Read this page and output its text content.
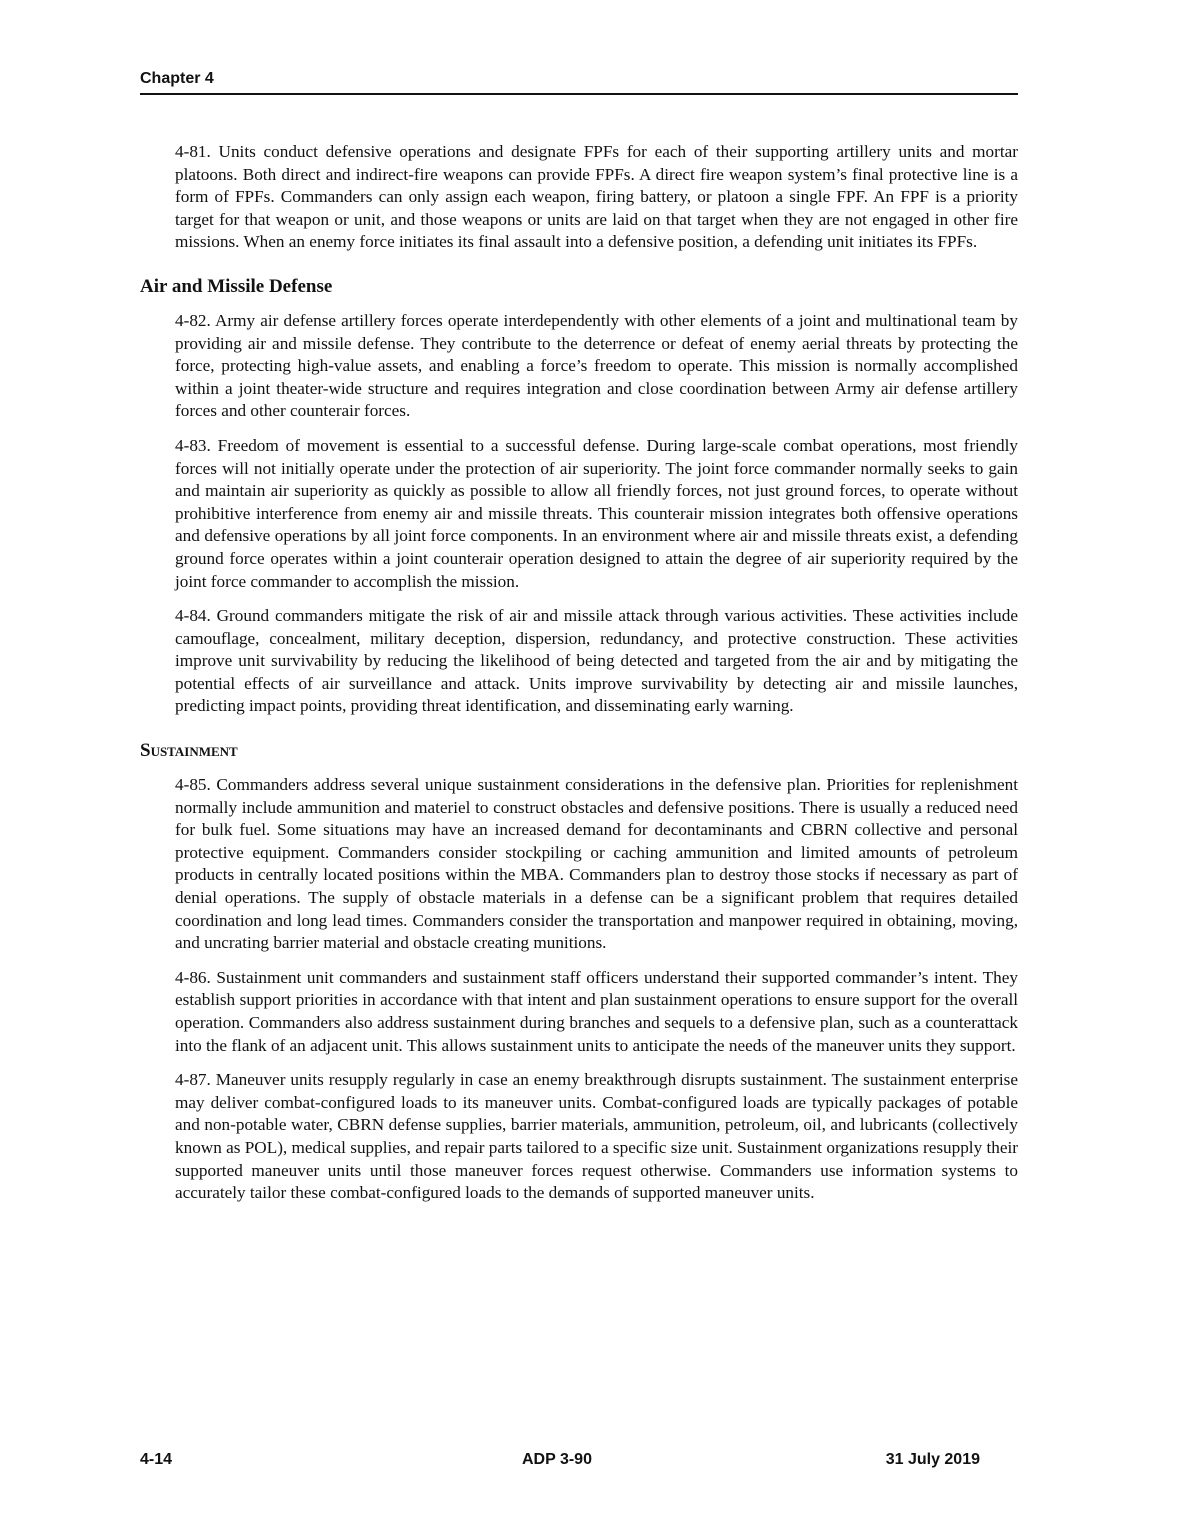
Chapter 4

4-81. Units conduct defensive operations and designate FPFs for each of their supporting artillery units and mortar platoons. Both direct and indirect-fire weapons can provide FPFs. A direct fire weapon system’s final protective line is a form of FPFs. Commanders can only assign each weapon, firing battery, or platoon a single FPF. An FPF is a priority target for that weapon or unit, and those weapons or units are laid on that target when they are not engaged in other fire missions. When an enemy force initiates its final assault into a defensive position, a defending unit initiates its FPFs.

Air and Missile Defense

4-82. Army air defense artillery forces operate interdependently with other elements of a joint and multinational team by providing air and missile defense. They contribute to the deterrence or defeat of enemy aerial threats by protecting the force, protecting high-value assets, and enabling a force’s freedom to operate. This mission is normally accomplished within a joint theater-wide structure and requires integration and close coordination between Army air defense artillery forces and other counterair forces.

4-83. Freedom of movement is essential to a successful defense. During large-scale combat operations, most friendly forces will not initially operate under the protection of air superiority. The joint force commander normally seeks to gain and maintain air superiority as quickly as possible to allow all friendly forces, not just ground forces, to operate without prohibitive interference from enemy air and missile threats. This counterair mission integrates both offensive operations and defensive operations by all joint force components. In an environment where air and missile threats exist, a defending ground force operates within a joint counterair operation designed to attain the degree of air superiority required by the joint force commander to accomplish the mission.

4-84. Ground commanders mitigate the risk of air and missile attack through various activities. These activities include camouflage, concealment, military deception, dispersion, redundancy, and protective construction. These activities improve unit survivability by reducing the likelihood of being detected and targeted from the air and by mitigating the potential effects of air surveillance and attack. Units improve survivability by detecting air and missile launches, predicting impact points, providing threat identification, and disseminating early warning.

Sustainment

4-85. Commanders address several unique sustainment considerations in the defensive plan. Priorities for replenishment normally include ammunition and materiel to construct obstacles and defensive positions. There is usually a reduced need for bulk fuel. Some situations may have an increased demand for decontaminants and CBRN collective and personal protective equipment. Commanders consider stockpiling or caching ammunition and limited amounts of petroleum products in centrally located positions within the MBA. Commanders plan to destroy those stocks if necessary as part of denial operations. The supply of obstacle materials in a defense can be a significant problem that requires detailed coordination and long lead times. Commanders consider the transportation and manpower required in obtaining, moving, and uncrating barrier material and obstacle creating munitions.

4-86. Sustainment unit commanders and sustainment staff officers understand their supported commander’s intent. They establish support priorities in accordance with that intent and plan sustainment operations to ensure support for the overall operation. Commanders also address sustainment during branches and sequels to a defensive plan, such as a counterattack into the flank of an adjacent unit. This allows sustainment units to anticipate the needs of the maneuver units they support.

4-87. Maneuver units resupply regularly in case an enemy breakthrough disrupts sustainment. The sustainment enterprise may deliver combat-configured loads to its maneuver units. Combat-configured loads are typically packages of potable and non-potable water, CBRN defense supplies, barrier materials, ammunition, petroleum, oil, and lubricants (collectively known as POL), medical supplies, and repair parts tailored to a specific size unit. Sustainment organizations resupply their supported maneuver units until those maneuver forces request otherwise. Commanders use information systems to accurately tailor these combat-configured loads to the demands of supported maneuver units.

4-14	ADP 3-90	31 July 2019
